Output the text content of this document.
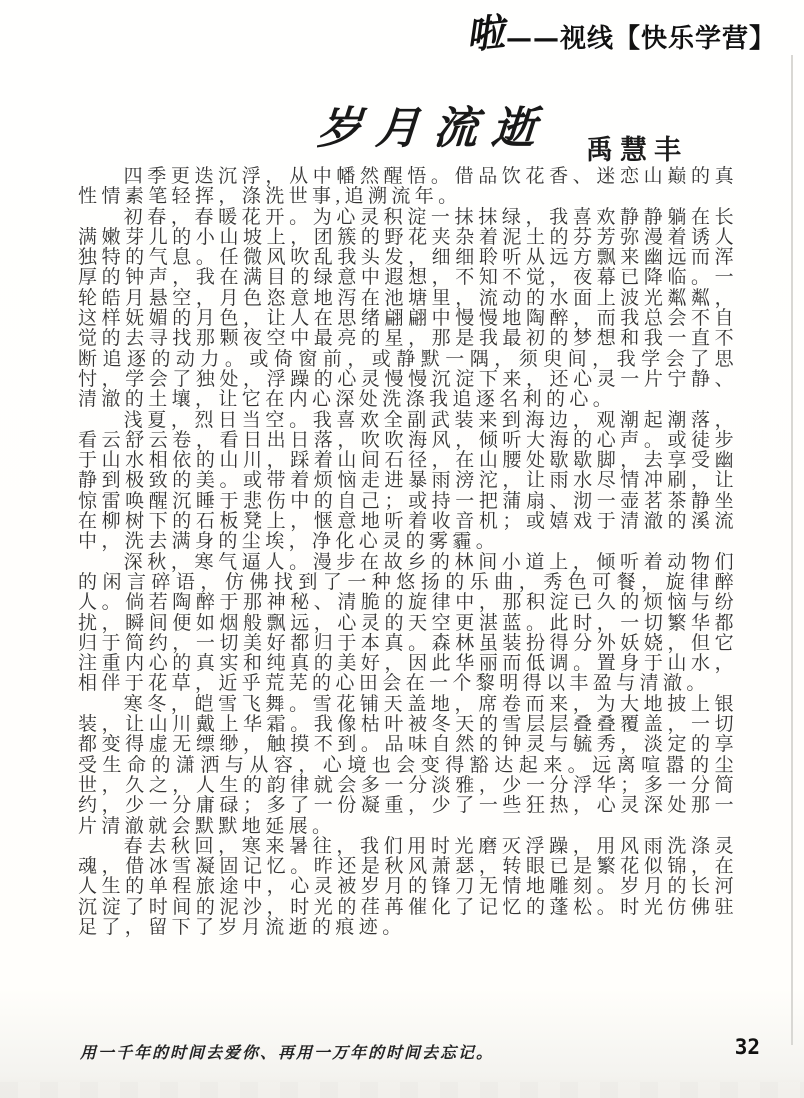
啦——视线【快乐学营】
岁月流逝 禹慧丰

四季更迭沉浮，从中幡然醒悟。借品饮花香、迷恋山巅的真性情素笔轻挥，涤洗世事,追溯流年。

初春，春暖花开。为心灵积淀一抹抹绿，我喜欢静静躺在长满嫩芽儿的小山坡上，团簇的野花夹杂着泥土的芬芳弥漫着诱人独特的气息。任微风吹乱我头发，细细聆听从远方飘来幽远而浑厚的钟声，我在满目的绿意中遐想，不知不觉，夜幕已降临。一轮皓月悬空，月色恣意地泻在池塘里，流动的水面上波光粼粼，这样妩媚的月色，让人在思绪翩翩中慢慢地陶醉，而我总会不自觉的去寻找那颗夜空中最亮的星，那是我最初的梦想和我一直不断追逐的动力。或倚窗前，或静默一隅，须臾间，我学会了思忖，学会了独处，浮躁的心灵慢慢沉淀下来，还心灵一片宁静、清澈的土壤，让它在内心深处洗涤我追逐名利的心。

浅夏，烈日当空。我喜欢全副武装来到海边，观潮起潮落，看云舒云卷，看日出日落，吹吹海风，倾听大海的心声。或徒步于山水相依的山川，踩着山间石径，在山腰处歇歇脚，去享受幽静到极致的美。或带着烦恼走进暴雨滂沱，让雨水尽情冲刷，让惊雷唤醒沉睡于悲伤中的自己；或持一把蒲扇、沏一壶茗茶静坐在柳树下的石板凳上，惬意地听着收音机；或嬉戏于清澈的溪流中，洗去满身的尘埃，净化心灵的雾霾。

深秋，寒气逼人。漫步在故乡的林间小道上，倾听着动物们的闲言碎语，仿佛找到了一种悠扬的乐曲，秀色可餐，旋律醉人。倘若陶醉于那神秘、清脆的旋律中，那积淀已久的烦恼与纷扰，瞬间便如烟般飘远，心灵的天空更湛蓝。此时，一切繁华都归于简约，一切美好都归于本真。森林虽装扮得分外妖娆，但它注重内心的真实和纯真的美好，因此华丽而低调。置身于山水，相伴于花草，近乎荒芜的心田会在一个黎明得以丰盈与清澈。

寒冬，皑雪飞舞。雪花铺天盖地，席卷而来，为大地披上银装，让山川戴上华霜。我像枯叶被冬天的雪层层叠叠覆盖，一切都变得虚无缥缈，触摸不到。品味自然的钟灵与毓秀，淡定的享受生命的潇洒与从容，心境也会变得豁达起来。远离喧嚣的尘世，久之，人生的韵律就会多一分淡雅，少一分浮华；多一分简约，少一分庸碌；多了一份凝重，少了一些狂热，心灵深处那一片清澈就会默默地延展。

春去秋回，寒来暑往，我们用时光磨灭浮躁，用风雨洗涤灵魂，借冰雪凝固记忆。昨还是秋风萧瑟，转眼已是繁花似锦，在人生的单程旅途中，心灵被岁月的锋刀无情地雕刻。岁月的长河沉淀了时间的泥沙，时光的荏苒催化了记忆的蓬松。时光仿佛驻足了，留下了岁月流逝的痕迹。

用一千年的时间去爱你、再用一万年的时间去忘记。	32
